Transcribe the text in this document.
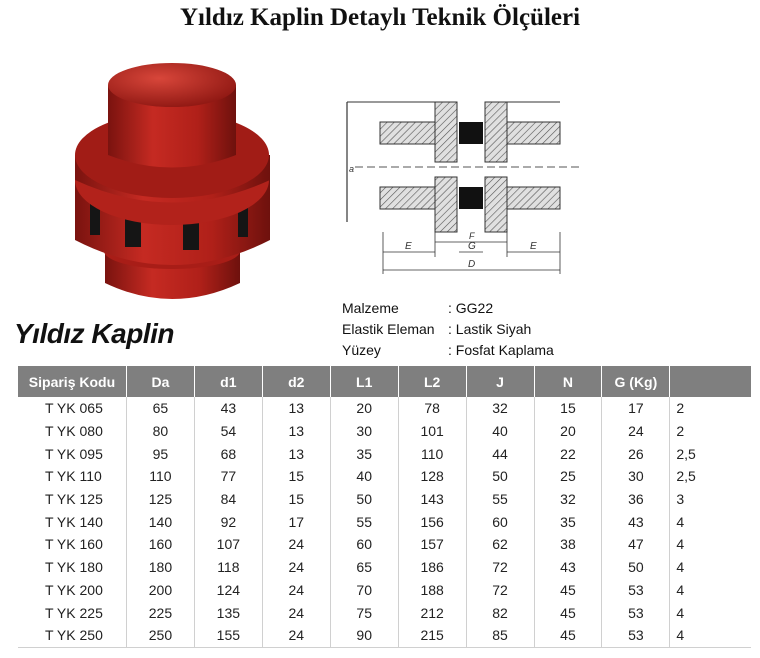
Yıldız Kaplin Detaylı Teknik Ölçüleri
E
F
G	E
D
a
Yıldız Kaplin
Malzeme	: GG22
Elastik Eleman : Lastik Siyah
Yüzey	: Fosfat Kaplama
Sipariş Kodu	Da	d1	d2	L1	L2	J	N	G (Kg)	
T YK 065	65	43	13	20	78	32	15	17	2
T YK 080	80	54	13	30	101	40	20	24	2
T YK 095	95	68	13	35	110	44	22	26	2,5
T YK 110	110	77	15	40	128	50	25	30	2,5
T YK 125	125	84	15	50	143	55	32	36	3
T YK 140	140	92	17	55	156	60	35	43	4
T YK 160	160	107	24	60	157	62	38	47	4
T YK 180	180	118	24	65	186	72	43	50	4
T YK 200	200	124	24	70	188	72	45	53	4
T YK 225	225	135	24	75	212	82	45	53	4
T YK 250	250	155	24	90	215	85	45	53	4
